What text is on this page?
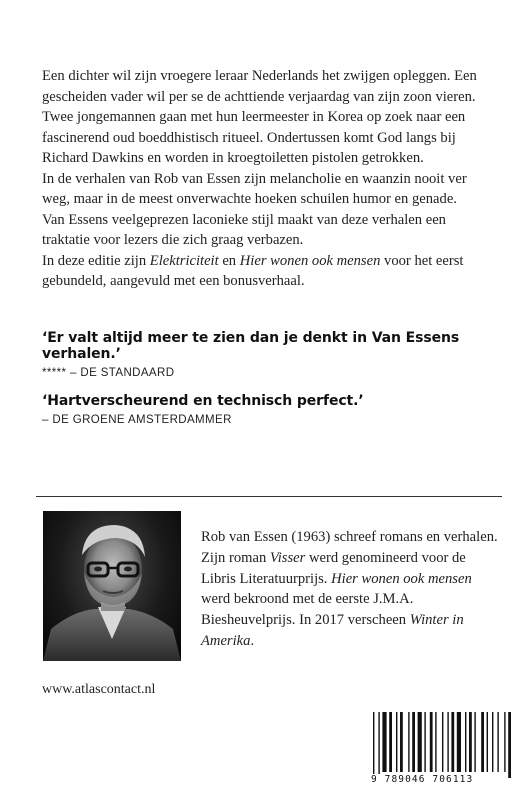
Een dichter wil zijn vroegere leraar Nederlands het zwijgen opleggen. Een gescheiden vader wil per se de achttiende verjaardag van zijn zoon vieren. Twee jongemannen gaan met hun leermeester in Korea op zoek naar een fascinerend oud boeddhistisch ritueel. Ondertussen komt God langs bij Richard Dawkins en worden in kroegtoiletten pistolen getrokken.

In de verhalen van Rob van Essen zijn melancholie en waanzin nooit ver weg, maar in de meest onverwachte hoeken schuilen humor en genade. Van Essens veelgeprezen laconieke stijl maakt van deze verhalen een traktatie voor lezers die zich graag verbazen.

In deze editie zijn Elektriciteit en Hier wonen ook mensen voor het eerst gebundeld, aangevuld met een bonusverhaal.

‘Er valt altijd meer te zien dan je denkt in Van Essens verhalen.’
***** – DE STANDAARD
‘Hartverscheurend en technisch perfect.’
– DE GROENE AMSTERDAMMER
Rob van Essen (1963) schreef romans en verhalen. Zijn roman Visser werd genomineerd voor de Libris Literatuurprijs. Hier wonen ook mensen werd bekroond met de eerste J.M.A. Biesheuvelprijs. In 2017 verscheen Winter in Amerika.
www.atlascontact.nl
9 789046 706113
